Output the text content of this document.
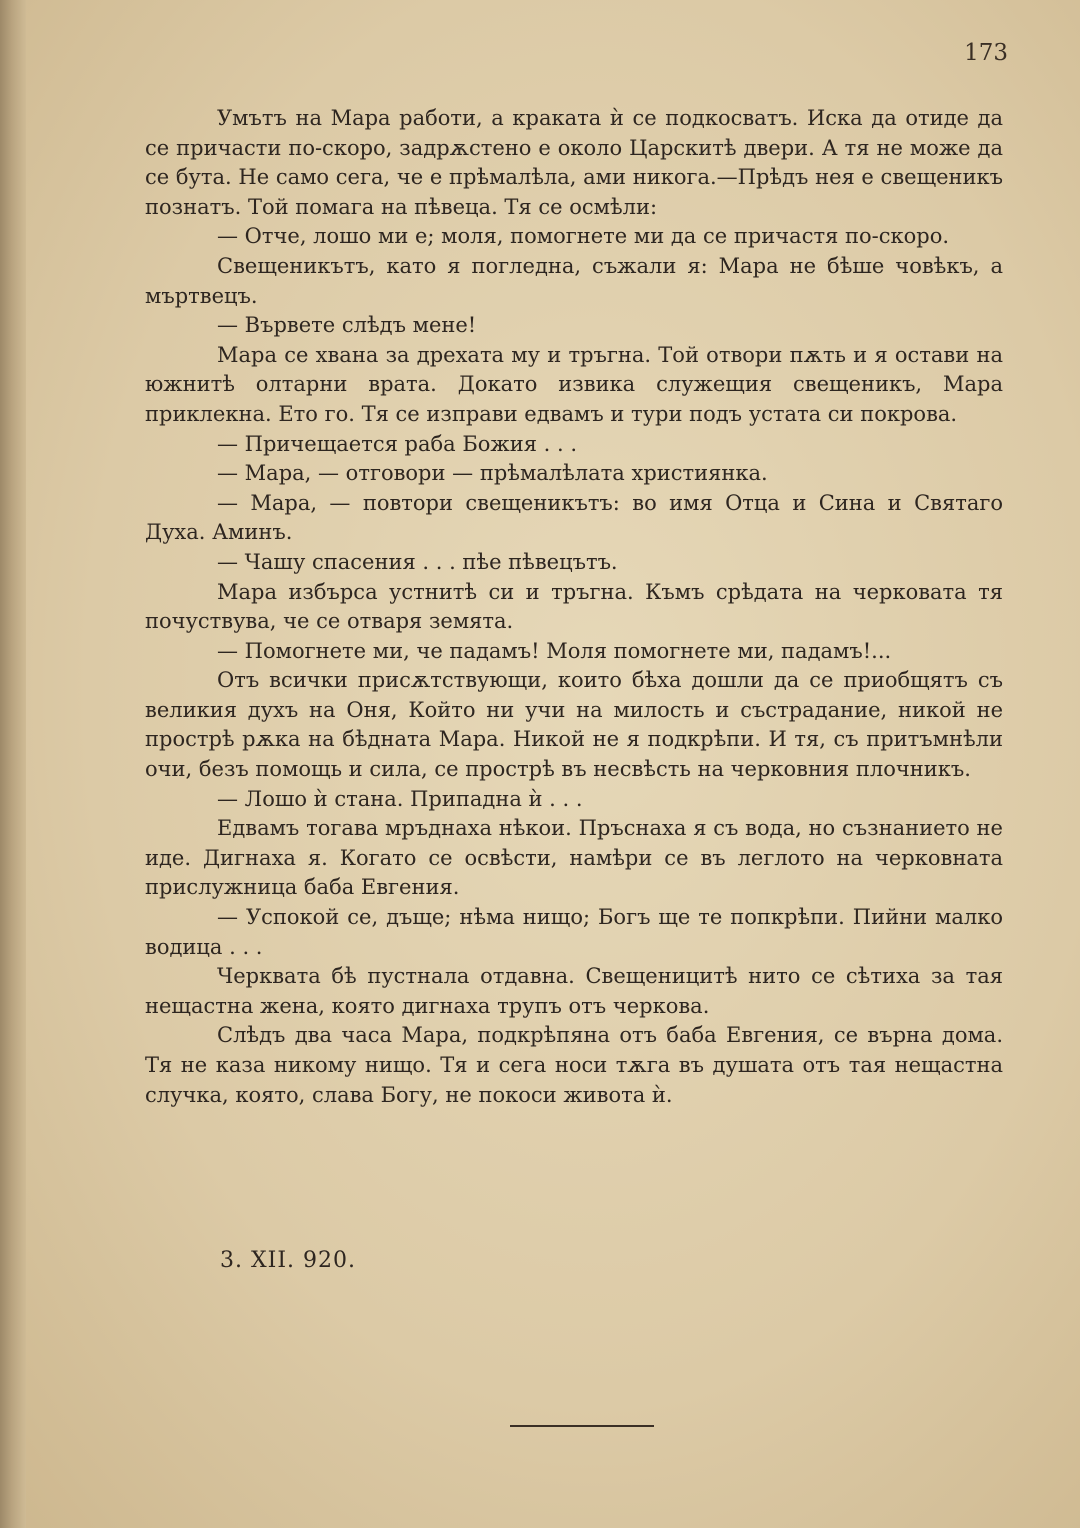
173

Умътъ на Мара работи, а краката ѝ се подкосватъ. Иска да отиде да се причасти по-скоро, задрѫстено е около Царскитѣ двери. А тя не може да се бута. Не само сега, че е прѣмалѣла, ами никога.—Прѣдъ нея е свещеникъ познатъ. Той помага на пѣвеца. Тя се осмѣли:

— Отче, лошо ми е; моля, помогнете ми да се причастя по-скоро.

Свещеникътъ, като я погледна, съжали я: Мара не бѣше човѣкъ, а мъртвецъ.

— Вървете слѣдъ мене!

Мара се хвана за дрехата му и тръгна. Той отвори пѫть и я остави на южнитѣ олтарни врата. Докато извика служещия свещеникъ, Мара приклекна. Ето го. Тя се изправи едвамъ и тури подъ устата си покрова.

— Причещается раба Божия . . .

— Мара, — отговори — прѣмалѣлата християнка.

— Мара, — повтори свещеникътъ: во имя Отца и Сина и Святаго Духа. Аминъ.

— Чашу спасения . . . пѣе пѣвецътъ.

Мара избърса устнитѣ си и тръгна. Къмъ срѣдата на черковата тя почуствува, че се отваря земята.

— Помогнете ми, че падамъ! Моля помогнете ми, падамъ!...

Отъ всички присѫтствующи, които бѣха дошли да се приобщятъ съ великия духъ на Оня, Който ни учи на милость и състрадание, никой не прострѣ рѫка на бѣдната Мара. Никой не я подкрѣпи. И тя, съ притъмнѣли очи, безъ помощь и сила, се прострѣ въ несвѣсть на черковния плочникъ.

— Лошо ѝ стана. Припадна ѝ . . .

Едвамъ тогава мръднаха нѣкои. Пръснаха я съ вода, но съзнанието не иде. Дигнаха я. Когато се освѣсти, намѣри се въ леглото на черковната прислужница баба Евгения.

— Успокой се, дъще; нѣма нищо; Богъ ще те попкрѣпи. Пийни малко водица . . .

Черквата бѣ пустнала отдавна. Свещеницитѣ нито се сѣтиха за тая нещастна жена, която дигнаха трупъ отъ черкова.

Слѣдъ два часа Мара, подкрѣпяна отъ баба Евгения, се върна дома. Тя не каза никому нищо. Тя и сега носи тѫга въ душата отъ тая нещастна случка, която, слава Богу, не покоси живота ѝ.

3. XII. 920.
